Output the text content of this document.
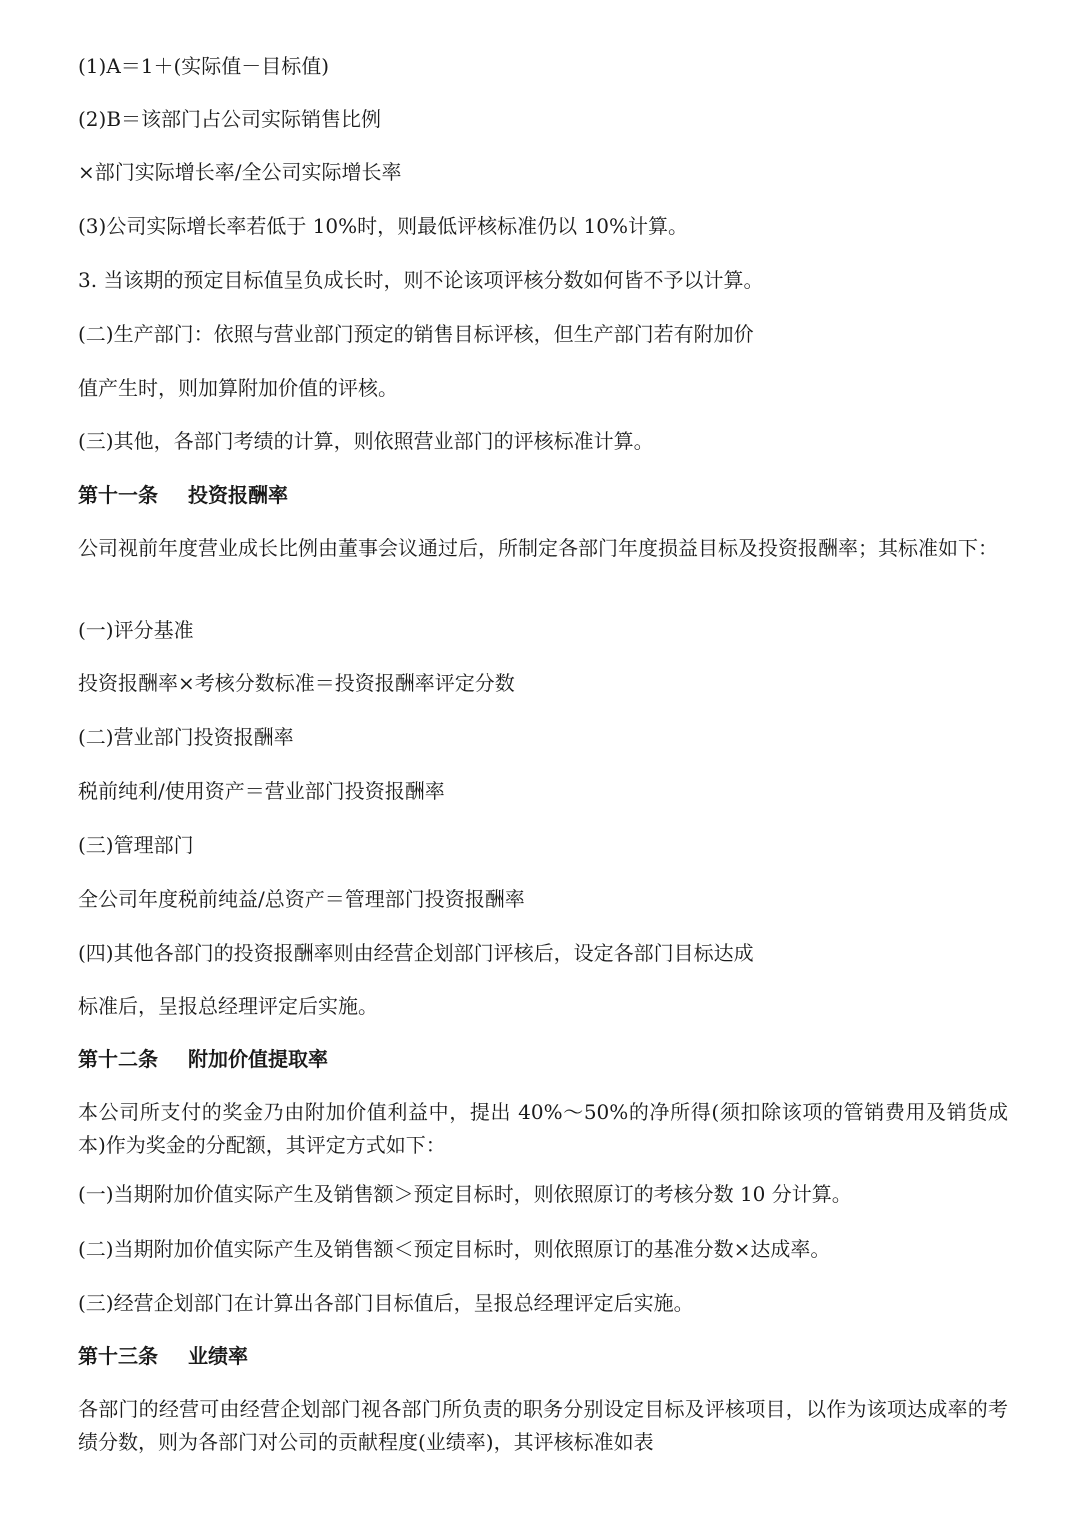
(1)A＝1＋(实际值－目标值)
(2)B＝该部门占公司实际销售比例
×部门实际增长率/全公司实际增长率
(3)公司实际增长率若低于 10%时，则最低评核标准仍以 10%计算。
3. 当该期的预定目标值呈负成长时，则不论该项评核分数如何皆不予以计算。
(二)生产部门：依照与营业部门预定的销售目标评核，但生产部门若有附加价
值产生时，则加算附加价值的评核。
(三)其他，各部门考绩的计算，则依照营业部门的评核标准计算。
第十一条 投资报酬率
公司视前年度营业成长比例由董事会议通过后，所制定各部门年度损益目标及投资报酬率；其标准如下：
(一)评分基准
投资报酬率×考核分数标准＝投资报酬率评定分数
(二)营业部门投资报酬率
税前纯利/使用资产＝营业部门投资报酬率
(三)管理部门
全公司年度税前纯益/总资产＝管理部门投资报酬率
(四)其他各部门的投资报酬率则由经营企划部门评核后，设定各部门目标达成
标准后，呈报总经理评定后实施。
第十二条 附加价值提取率
本公司所支付的奖金乃由附加价值利益中，提出 40%～50%的净所得(须扣除该项的管销费用及销货成本)作为奖金的分配额，其评定方式如下：
(一)当期附加价值实际产生及销售额＞预定目标时，则依照原订的考核分数 10 分计算。
(二)当期附加价值实际产生及销售额＜预定目标时，则依照原订的基准分数×达成率。
(三)经营企划部门在计算出各部门目标值后，呈报总经理评定后实施。
第十三条 业绩率
各部门的经营可由经营企划部门视各部门所负责的职务分别设定目标及评核项目，以作为该项达成率的考绩分数，则为各部门对公司的贡献程度(业绩率)，其评核标准如表
